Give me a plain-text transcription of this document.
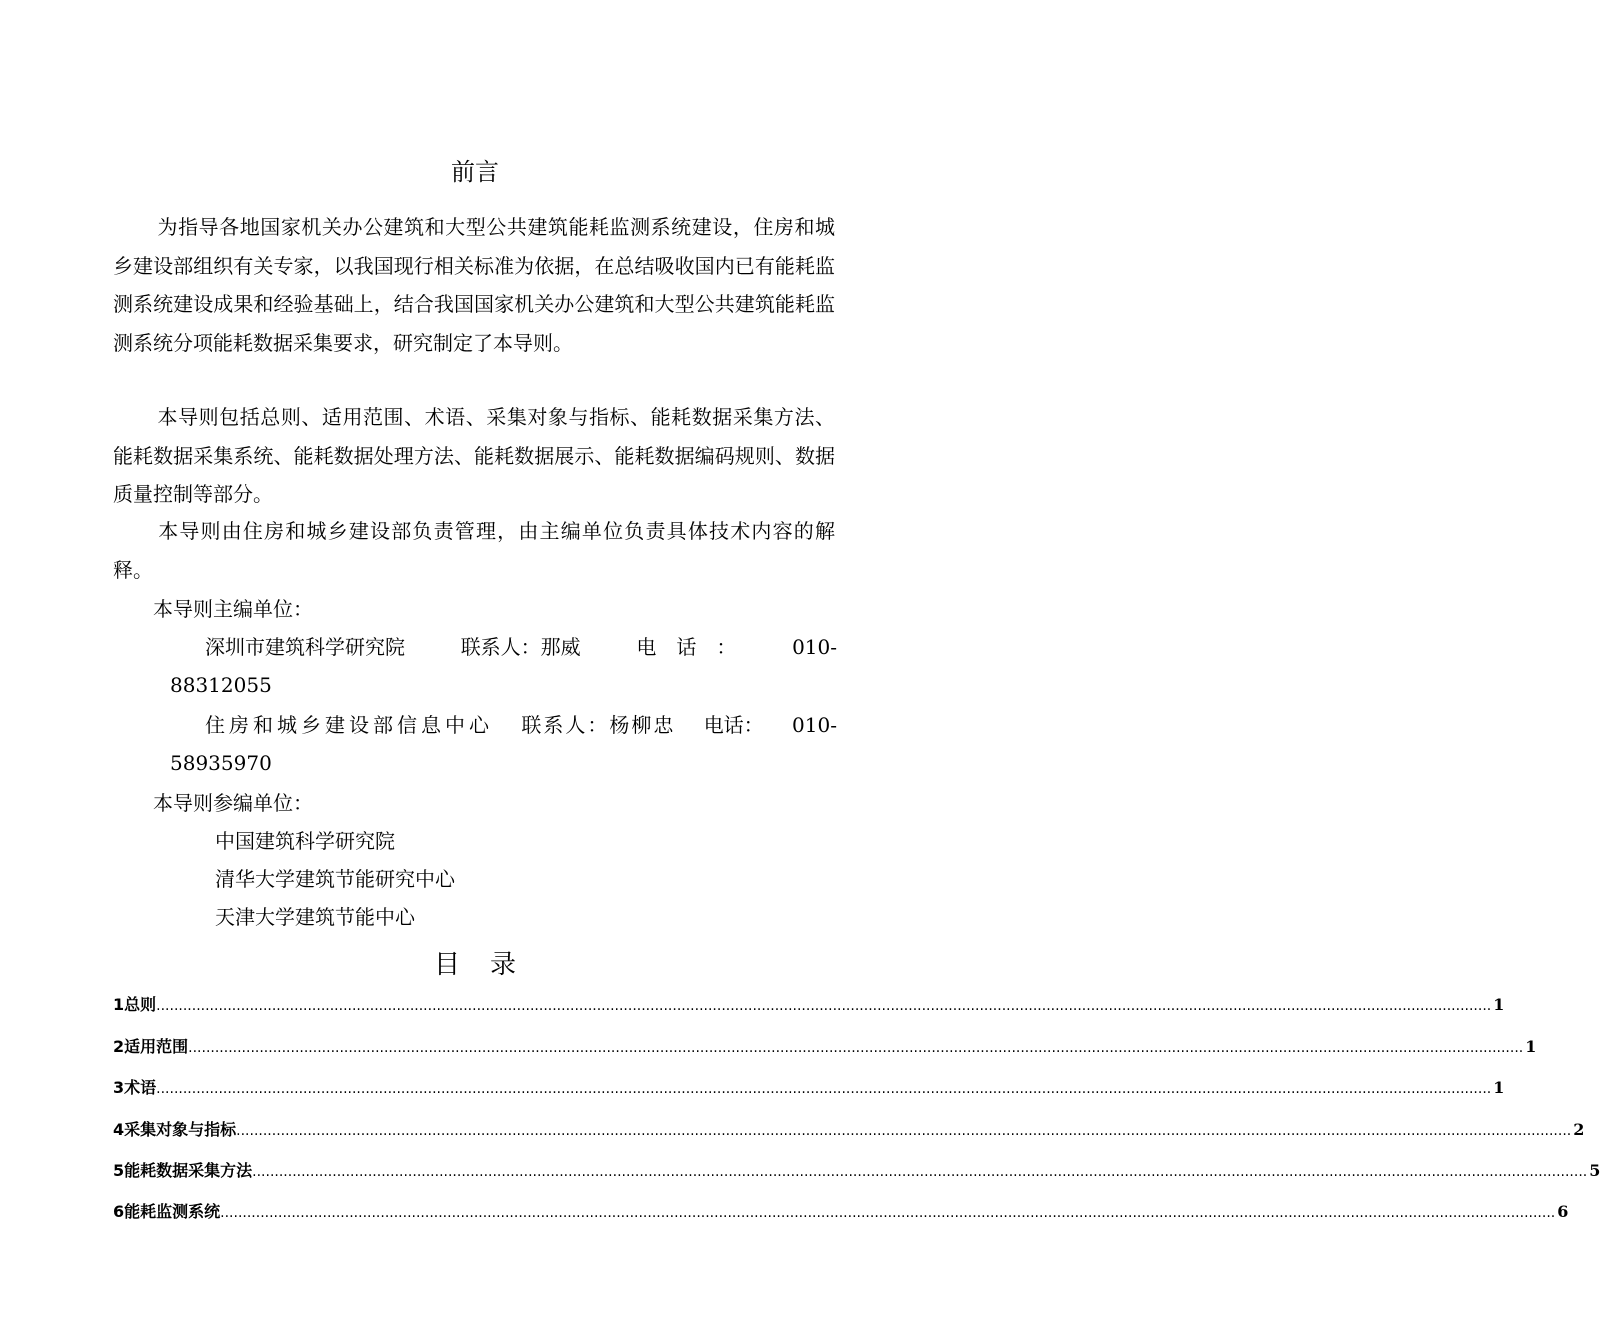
前言

为指导各地国家机关办公建筑和大型公共建筑能耗监测系统建设，住房和城乡建设部组织有关专家，以我国现行相关标准为依据，在总结吸收国内已有能耗监测系统建设成果和经验基础上，结合我国国家机关办公建筑和大型公共建筑能耗监测系统分项能耗数据采集要求，研究制定了本导则。

本导则包括总则、适用范围、术语、采集对象与指标、能耗数据采集方法、能耗数据采集系统、能耗数据处理方法、能耗数据展示、能耗数据编码规则、数据质量控制等部分。

本导则由住房和城乡建设部负责管理，由主编单位负责具体技术内容的解释。

本导则主编单位：
深圳市建筑科学研究院	联系人：那威	电　话　：	010-
88312055
住房和城乡建设部信息中心 联系人：杨柳忠 电话： 010-
58935970
本导则参编单位：
中国建筑科学研究院
清华大学建筑节能研究中心
天津大学建筑节能中心
目录
1 总则 ............................................................................................................................................................................................................................................................................................................ 1
2 适用范围 ............................................................................................................................................................................................................................................................................................................ 1
3 术语 ............................................................................................................................................................................................................................................................................................................ 1
4 采集对象与指标 ............................................................................................................................................................................................................................................................................................................ 2
5 能耗数据采集方法 ............................................................................................................................................................................................................................................................................................................ 5
6 能耗监测系统 ............................................................................................................................................................................................................................................................................................................ 6
